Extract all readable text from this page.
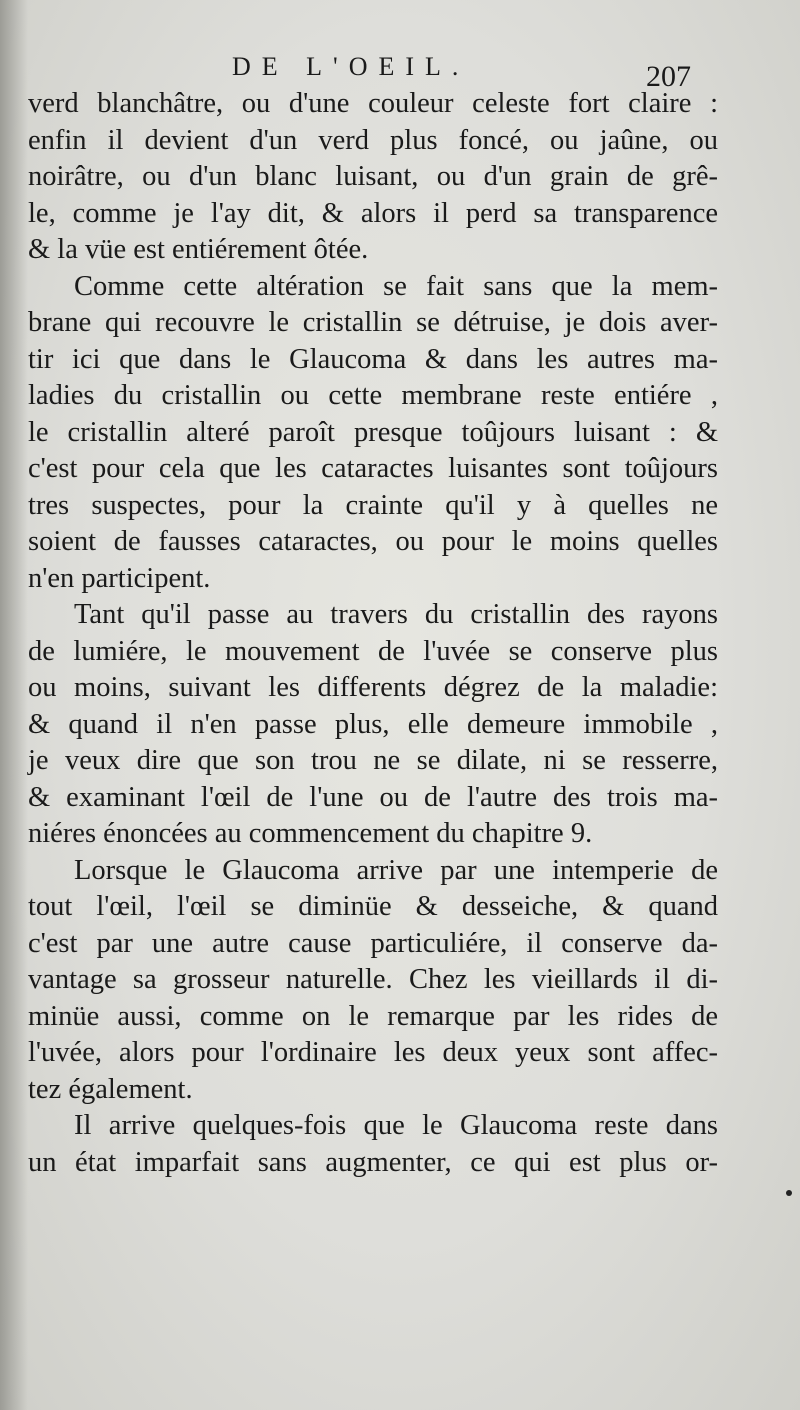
DE L'OEIL.	207
verd blanchâtre, ou d'une couleur celeste fort claire :
enfin il devient d'un verd plus foncé, ou jaûne, ou
noirâtre, ou d'un blanc luisant, ou d'un grain de grê-
le, comme je l'ay dit, & alors il perd sa transparence
& la vüe est entiérement ôtée.
Comme cette altération se fait sans que la mem-
brane qui recouvre le cristallin se détruise, je dois aver-
tir ici que dans le Glaucoma & dans les autres ma-
ladies du cristallin ou cette membrane reste entiére ,
le cristallin alteré paroît presque toûjours luisant : &
c'est pour cela que les cataractes luisantes sont toûjours
tres suspectes, pour la crainte qu'il y à quelles ne
soient de fausses cataractes, ou pour le moins quelles
n'en participent.
Tant qu'il passe au travers du cristallin des rayons
de lumiére, le mouvement de l'uvée se conserve plus
ou moins, suivant les differents dégrez de la maladie:
& quand il n'en passe plus, elle demeure immobile ,
je veux dire que son trou ne se dilate, ni se resserre,
& examinant l'œil de l'une ou de l'autre des trois ma-
niéres énoncées au commencement du chapitre 9.
Lorsque le Glaucoma arrive par une intemperie de
tout l'œil, l'œil se diminüe & desseiche, & quand
c'est par une autre cause particuliére, il conserve da-
vantage sa grosseur naturelle. Chez les vieillards il di-
minüe aussi, comme on le remarque par les rides de
l'uvée, alors pour l'ordinaire les deux yeux sont affec-
tez également.
Il arrive quelques-fois que le Glaucoma reste dans
un état imparfait sans augmenter, ce qui est plus or-
